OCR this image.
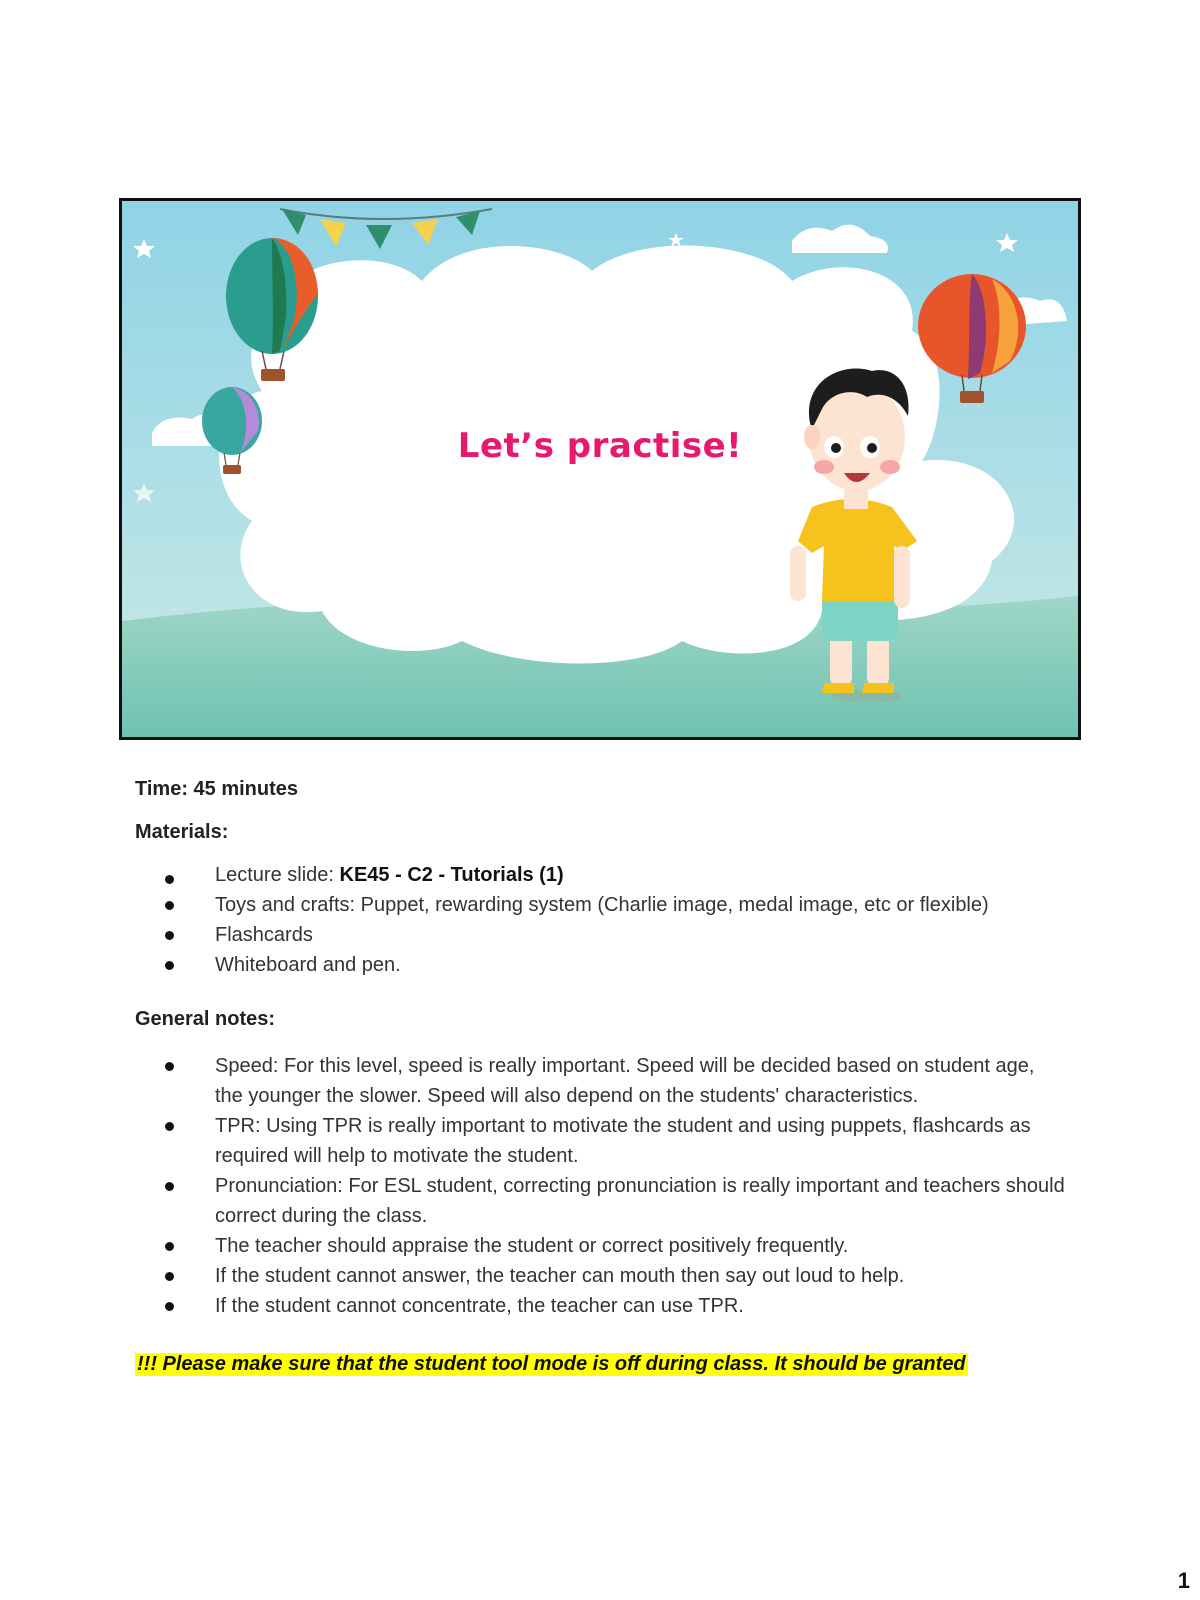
Let’s practise!

Time: 45 minutes

Materials:

Lecture slide: KE45 - C2 - Tutorials (1)
Toys and crafts: Puppet, rewarding system (Charlie image, medal image, etc or flexible)
Flashcards
Whiteboard and pen.

General notes:

Speed: For this level, speed is really important. Speed will be decided based on student age, the younger the slower. Speed will also depend on the students' characteristics.
TPR: Using TPR is really important to motivate the student and using puppets, flashcards as required will help to motivate the student.
Pronunciation: For ESL student, correcting pronunciation is really important and teachers should correct during the class.
The teacher should appraise the student or correct positively frequently.
If the student cannot answer, the teacher can mouth then say out loud to help.
If the student cannot concentrate, the teacher can use TPR.
!!! Please make sure that the student tool mode is off during class. It should be granted
1
